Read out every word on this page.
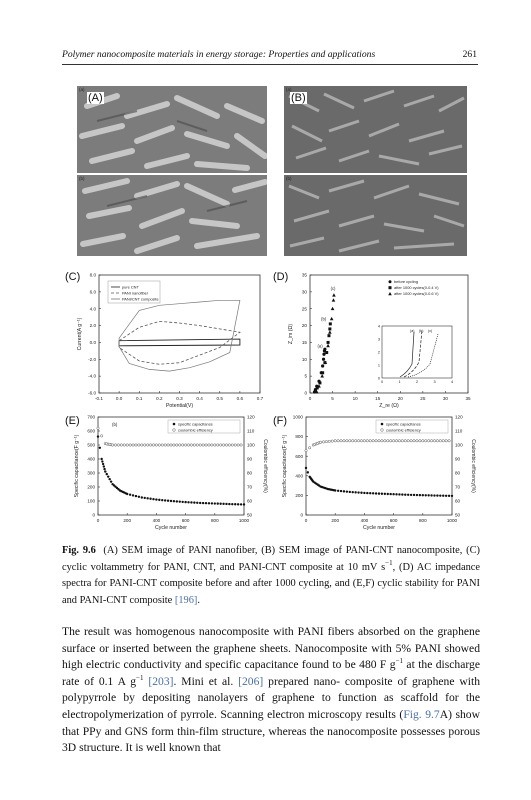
Polymer nanocomposite materials in energy storage: Properties and applications	261
(A)
(a)
(b)
(B)
(a)
(b)
-0.1	0.0	0.1	0.2	0.3	0.4	0.5	0.6	0.7
8.0
6.0
4.0
2.0
0.0
-2.0
-4.0
-6.0
Potential(V)
Current(A g⁻¹)
pure CNT
PANI nanofiber
PANI/CNT composite
(C)
0	5	10	15	20	25	30	35
35
30
25
20
15
10
5
0
Z_re (Ω)
Z_im (Ω)
(a)
(b)
(c)
before cycling
after 1000 cycles(0-0.4 V)
after 1000 cycles(0-0.6 V)
0	1	2	3	4
4
3
2
1
0
(a) (b) (c)
(D)
0	200	400	600	800	1000
700
600
500
400
300
200
100
0
120
110
100
90
80
70
60
50
Coulombic efficiency(%)
Cycle number
Specific capacitance(F g⁻¹)
specific capacitance
coulombic efficiency
(b)
(E)
0	200	400	600	800	1000
1000
800
600
400
200
0
120
110
100
90
80
70
60
50
Coulombic efficiency(%)
Cycle number
Specific capacitance(F g⁻¹)
specific capacitance
coulombic efficiency
(F)
Fig. 9.6 (A) SEM image of PANI nanofiber, (B) SEM image of PANI-CNT nanocomposite, (C) cyclic voltammetry for PANI, CNT, and PANI-CNT composite at 10 mV $s^{-1}$, (D) AC impedance spectra for PANI-CNT composite before and after 1000 cycling, and (E,F) cyclic stability for PANI and PANI-CNT composite [196].

The result was homogenous nanocomposite with PANI fibers absorbed on the graphene surface or inserted between the graphene sheets. Nanocomposite with 5% PANI showed high electric conductivity and specific capacitance found to be 480 F $g^{-1}$ at the discharge rate of 0.1 A $g^{-1}$ [203]. Mini et al. [206] prepared nano- composite of graphene with polypyrrole by depositing nanolayers of graphene to function as scaffold for the electropolymerization of pyrrole. Scanning electron microscopy results (Fig. 9.7A) show that PPy and GNS form thin-film structure, whereas the nanocomposite possesses porous 3D structure. It is well known that
